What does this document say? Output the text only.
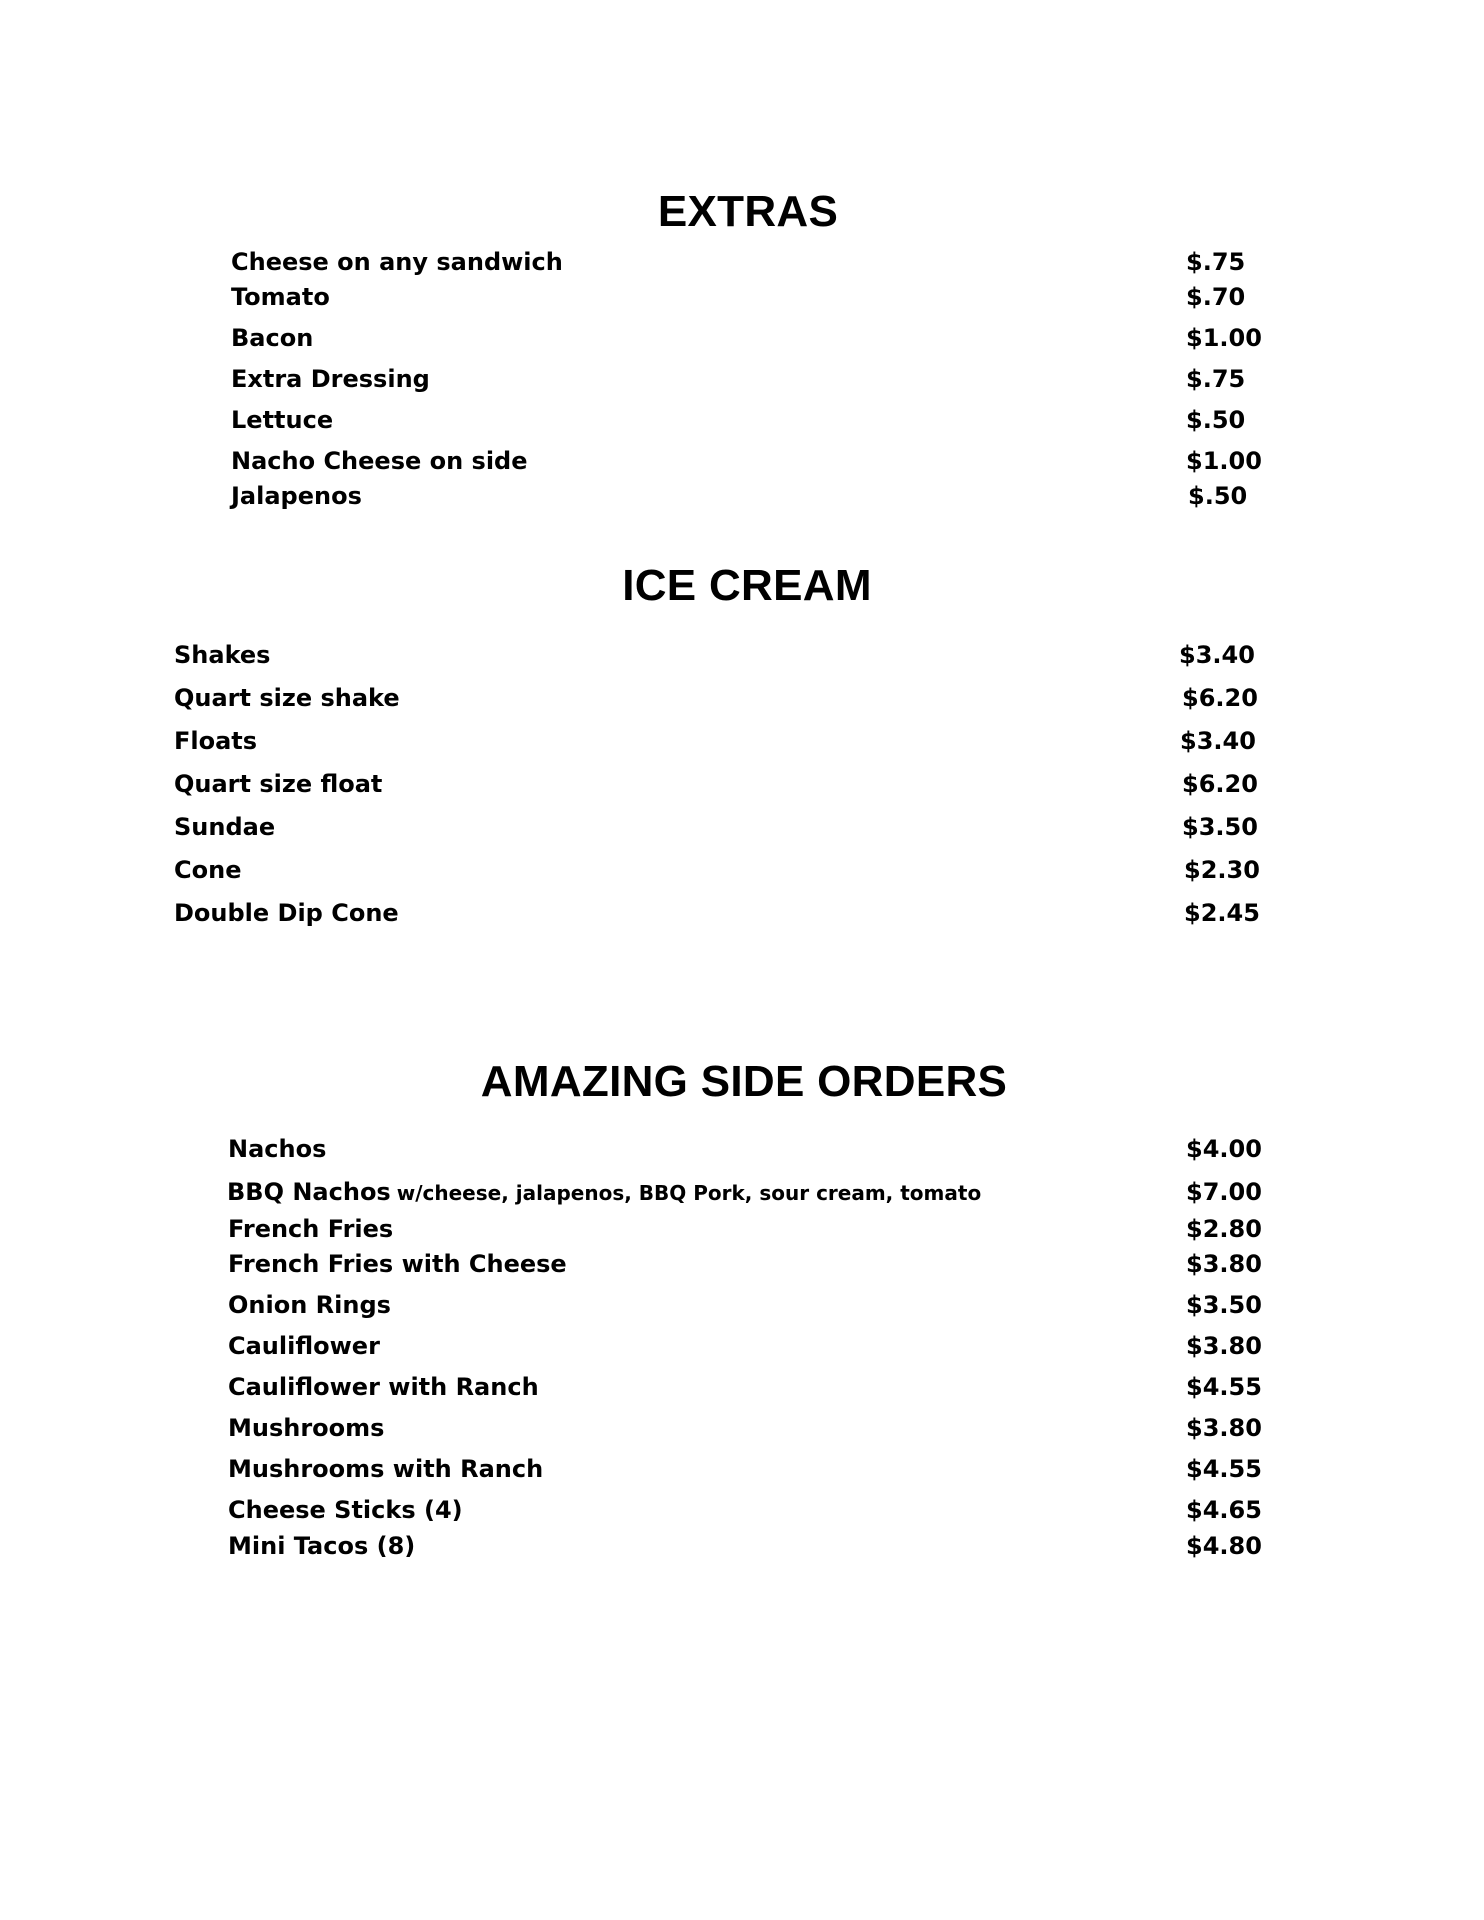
EXTRAS
Cheese on any sandwich	$.75
Tomato	$.70
Bacon	$1.00
Extra Dressing	$.75
Lettuce	$.50
Nacho Cheese on side	$1.00
Jalapenos	$.50
ICE CREAM
Shakes	$3.40
Quart size shake	$6.20
Floats	$3.40
Quart size float	$6.20
Sundae	$3.50
Cone	$2.30
Double Dip Cone	$2.45
AMAZING SIDE ORDERS
Nachos	$4.00
BBQ Nachos w/cheese, jalapenos, BBQ Pork, sour cream, tomato	$7.00
French Fries	$2.80
French Fries with Cheese	$3.80
Onion Rings	$3.50
Cauliflower	$3.80
Cauliflower with Ranch	$4.55
Mushrooms	$3.80
Mushrooms with Ranch	$4.55
Cheese Sticks (4)	$4.65
Mini Tacos (8)	$4.80
